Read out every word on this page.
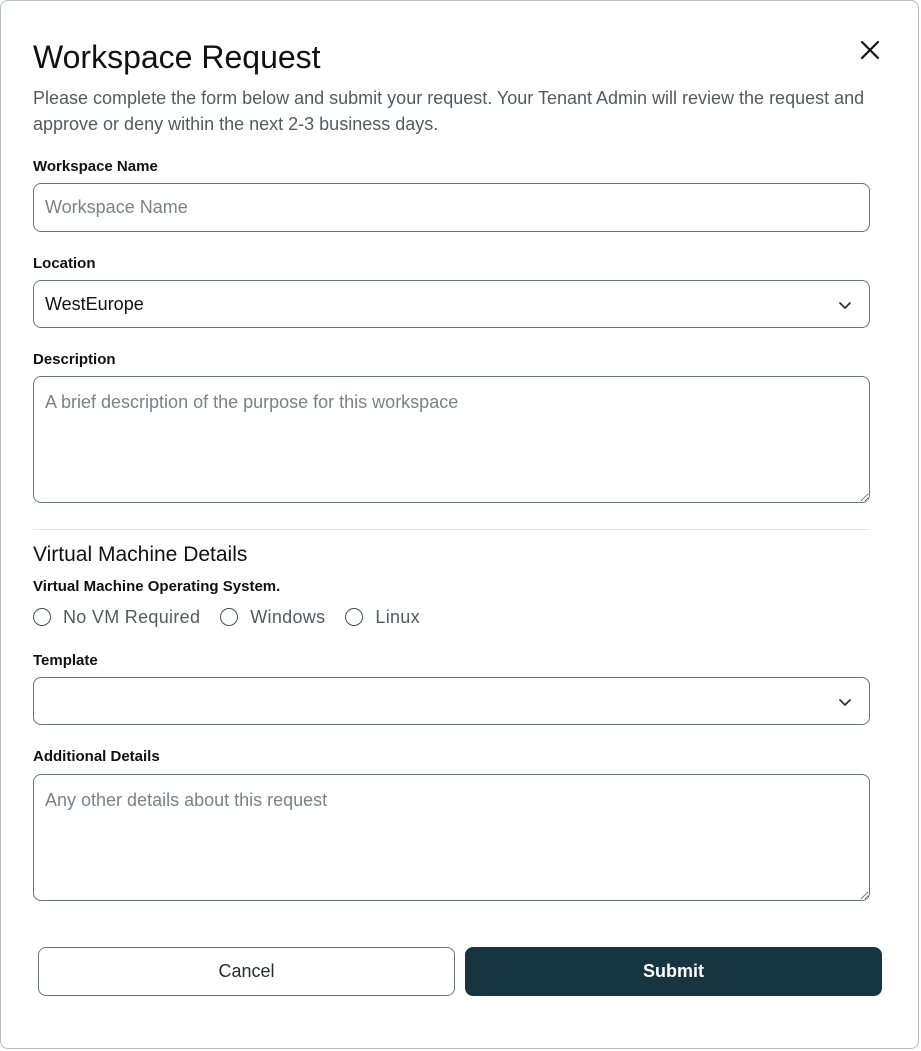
Workspace Request

Please complete the form below and submit your request. Your Tenant Admin will review the request and approve or deny within the next 2-3 business days.

Workspace Name
Workspace Name
Location
WestEurope
Description
A brief description of the purpose for this workspace
Virtual Machine Details
Virtual Machine Operating System.
No VM Required	Windows	Linux
Template
Additional Details
Any other details about this request
Cancel	Submit
